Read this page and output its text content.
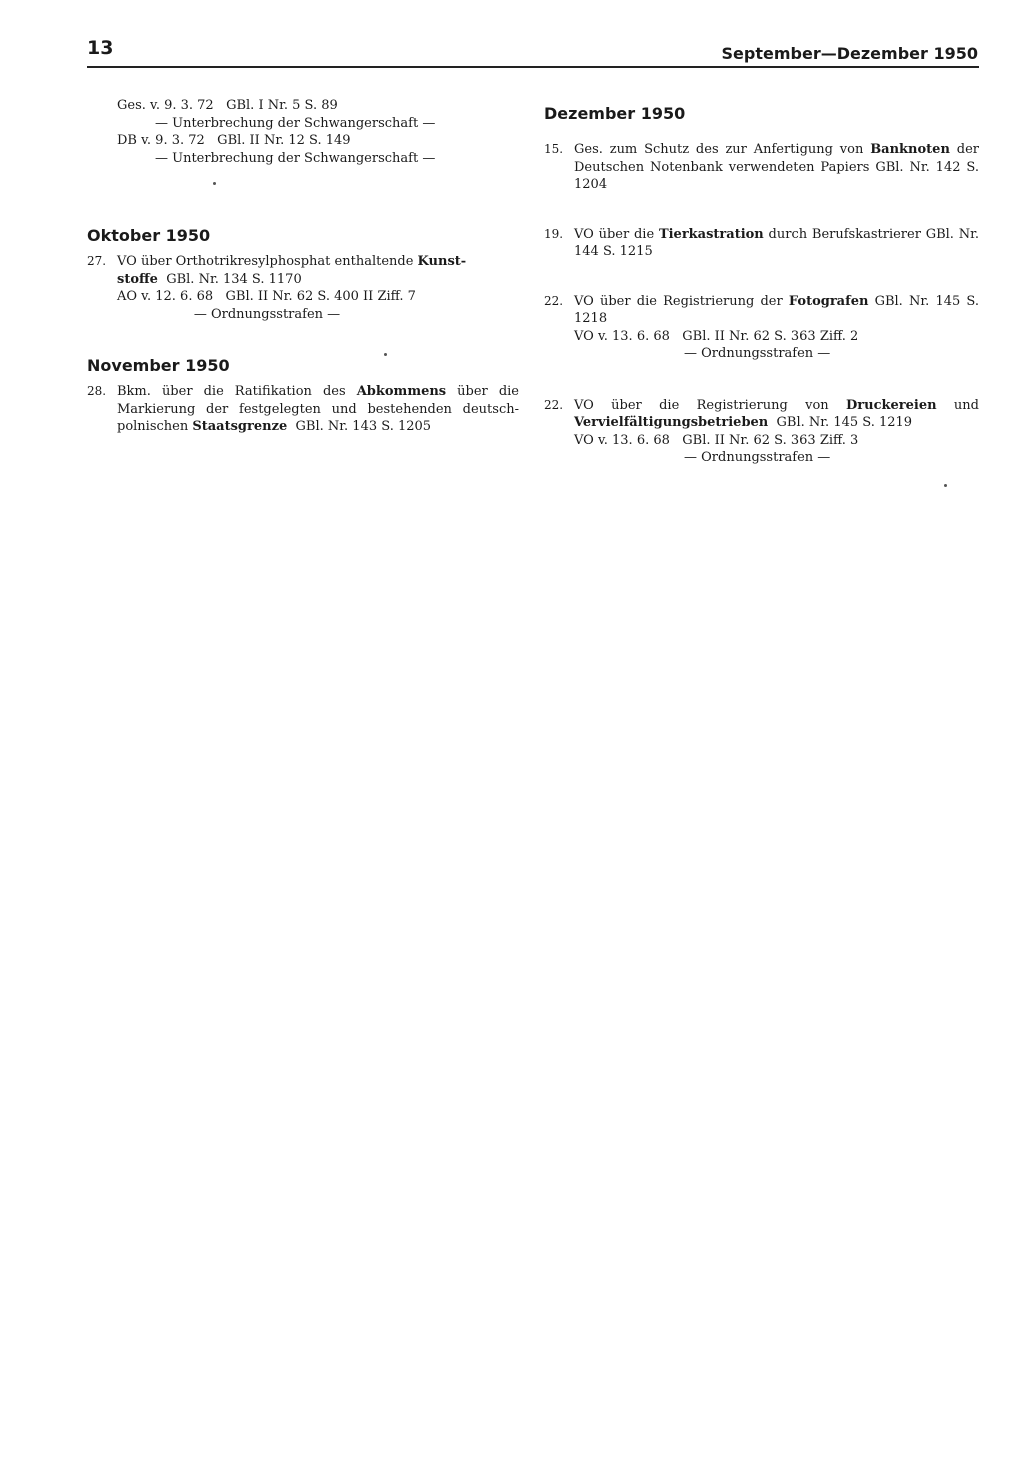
13	September—Dezember 1950
Ges. v. 9. 3. 72   GBl. I Nr. 5 S. 89
— Unterbrechung der Schwangerschaft —
DB v. 9. 3. 72   GBl. II Nr. 12 S. 149
— Unterbrechung der Schwangerschaft —
Oktober 1950
27. VO über Orthotrikresylphosphat enthaltende Kunst-
stoffe GBl. Nr. 134 S. 1170
AO v. 12. 6. 68   GBl. II Nr. 62 S. 400 II Ziff. 7
— Ordnungsstrafen —
November 1950
28. Bkm. über die Ratifikation des Abkommens über die Markierung der festgelegten und bestehenden deutsch-polnischen Staatsgrenze GBl. Nr. 143 S. 1205
Dezember 1950
15. Ges. zum Schutz des zur Anfertigung von Banknoten der Deutschen Notenbank verwendeten Papiers GBl. Nr. 142 S. 1204
19. VO über die Tierkastration durch Berufskastrierer GBl. Nr. 144 S. 1215
22. VO über die Registrierung der Fotografen GBl. Nr. 145 S. 1218
VO v. 13. 6. 68   GBl. II Nr. 62 S. 363 Ziff. 2
— Ordnungsstrafen —
22. VO über die Registrierung von Druckereien und Vervielfältigungsbetrieben GBl. Nr. 145 S. 1219
VO v. 13. 6. 68   GBl. II Nr. 62 S. 363 Ziff. 3
— Ordnungsstrafen —
